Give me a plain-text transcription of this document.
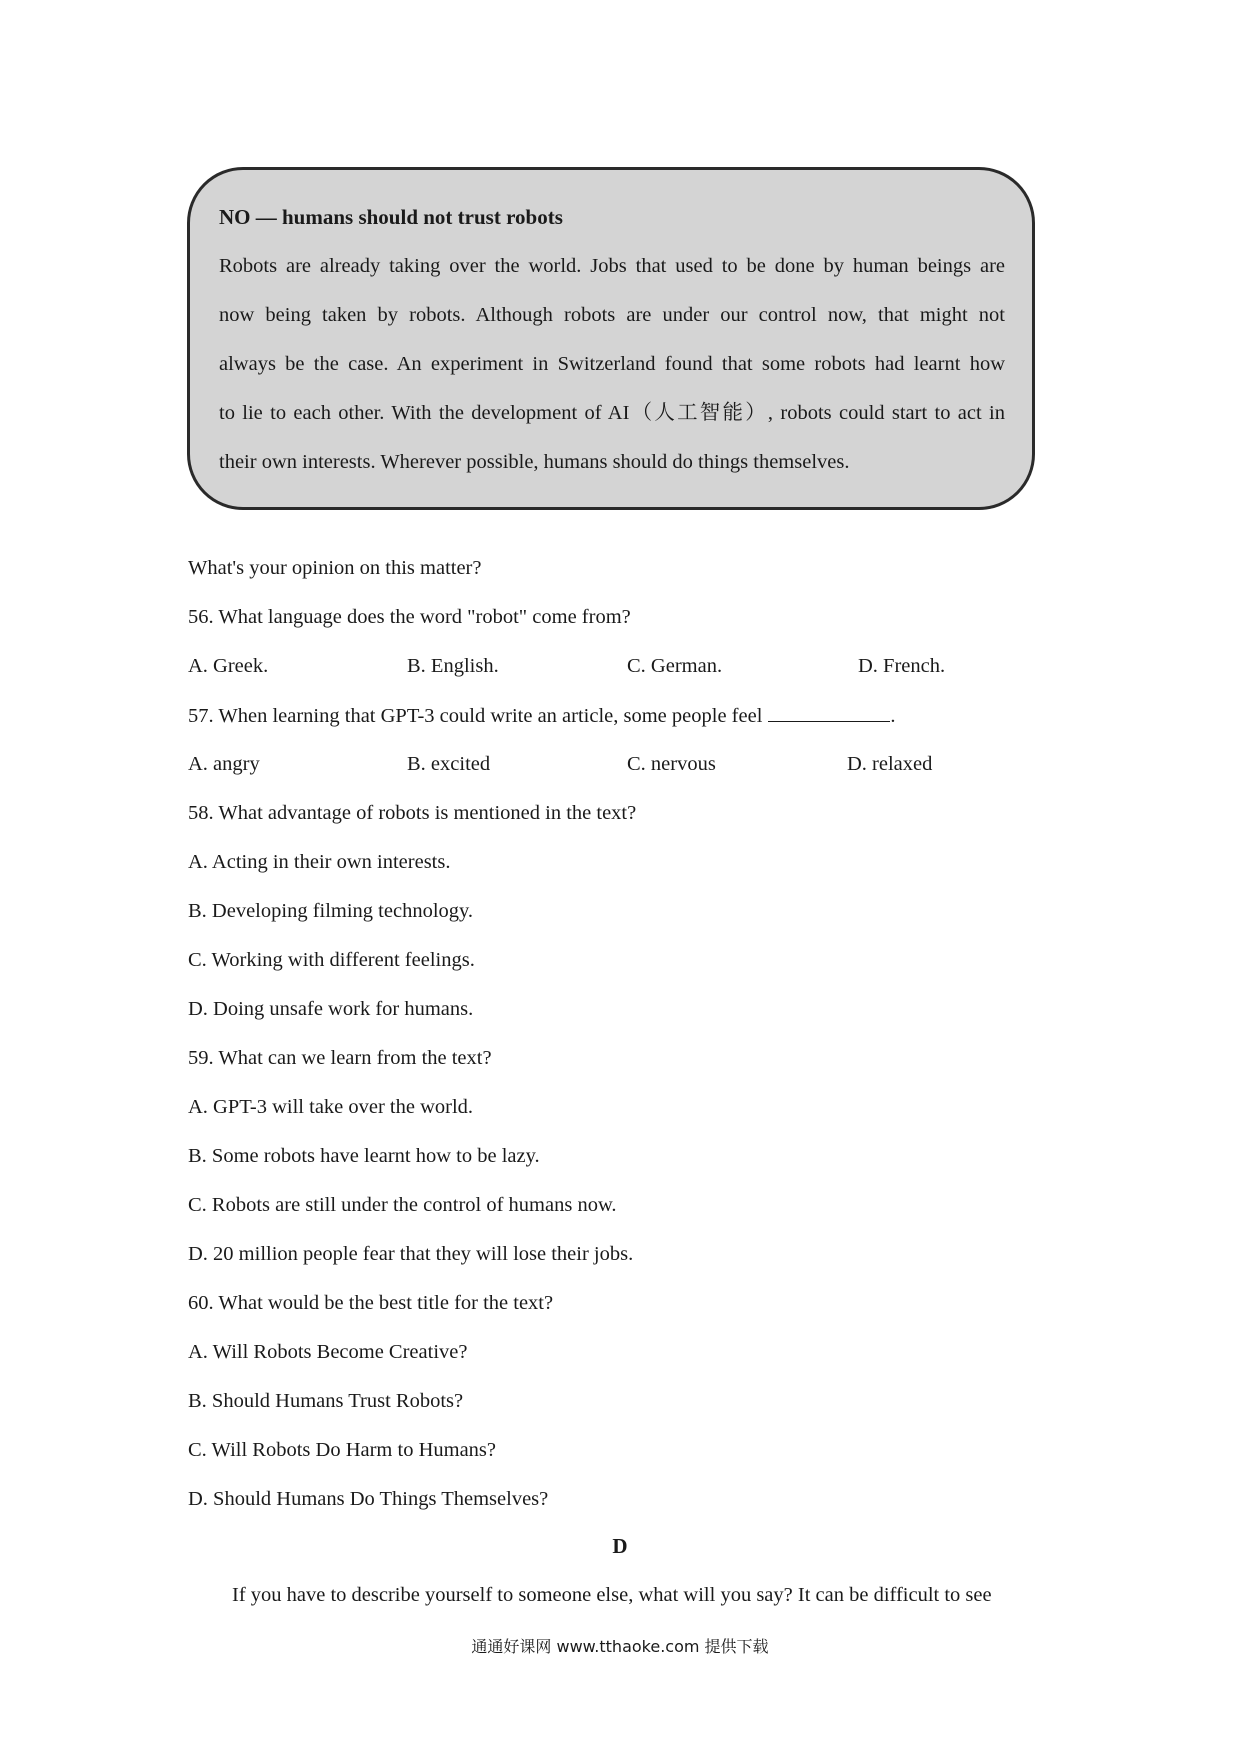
NO — humans should not trust robots
Robots are already taking over the world. Jobs that used to be done by human beings are
now being taken by robots. Although robots are under our control now, that might not
always be the case. An experiment in Switzerland found that some robots had learnt how
to lie to each other. With the development of AI（人工智能）, robots could start to act in
their own interests. Wherever possible, humans should do things themselves.
What's your opinion on this matter?
56. What language does the word "robot" come from?
A. Greek.	B. English.	C. German.	D. French.
57. When learning that GPT-3 could write an article, some people feel	.
A. angry	B. excited	C. nervous	D. relaxed
58. What advantage of robots is mentioned in the text?
A. Acting in their own interests.
B. Developing filming technology.
C. Working with different feelings.
D. Doing unsafe work for humans.
59. What can we learn from the text?
A. GPT-3 will take over the world.
B. Some robots have learnt how to be lazy.
C. Robots are still under the control of humans now.
D. 20 million people fear that they will lose their jobs.
60. What would be the best title for the text?
A. Will Robots Become Creative?
B. Should Humans Trust Robots?
C. Will Robots Do Harm to Humans?
D. Should Humans Do Things Themselves?
D
If you have to describe yourself to someone else, what will you say? It can be difficult to see
通通好课网 www.tthaoke.com 提供下载
